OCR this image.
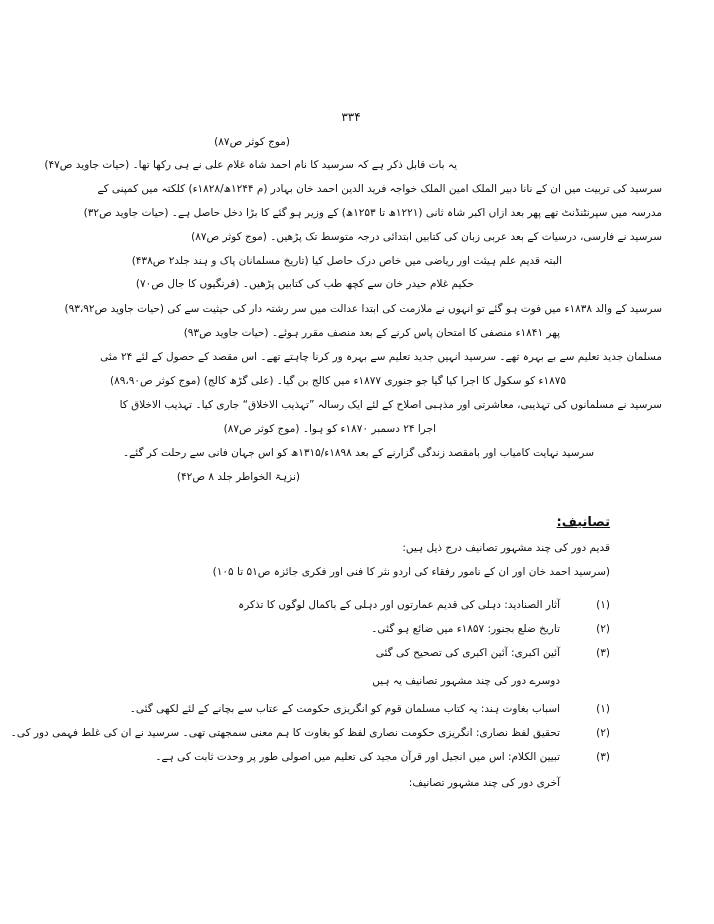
۳۳۴
(موج کوثر ص۸۷)
یہ بات قابل ذکر ہے کہ سرسید کا نام احمد شاہ غلام علی نے ہی رکھا تھا۔ (حیات جاوید ص۴۷)
سرسید کی تربیت میں ان کے نانا دبیر الملک امین الملک خواجہ فرید الدین احمد خان بہادر (م ۱۲۴۴ھ/۱۸۲۸ء) کلکتہ میں کمپنی کے
مدرسہ میں سپرنٹنڈنٹ تھے پھر بعد ازاں اکبر شاہ ثانی (۱۲۲۱ھ تا ۱۲۵۳ھ) کے وزیر ہو گئے کا بڑا دخل حاصل ہے۔ (حیات جاوید ص۳۲)
سرسید نے فارسی، درسیات کے بعد عربی زبان کی کتابیں ابتدائی درجہ متوسط تک پڑھیں۔ (موج کوثر ص۸۷)
البتہ قدیم علم ہیئت اور ریاضی میں خاص درک حاصل کیا (تاریخ مسلمانان پاک و ہند جلد۲ ص۴۳۸)
حکیم غلام حیدر خان سے کچھ طب کی کتابیں پڑھیں۔ (فرنگیوں کا جال ص۷۰)
سرسید کے والد ۱۸۳۸ء میں فوت ہو گئے تو انہوں نے ملازمت کی ابتدا عدالت میں سر رشتہ دار کی حیثیت سے کی (حیات جاوید ص۹۳،۹۲)
پھر ۱۸۴۱ء منصفی کا امتحان پاس کرنے کے بعد منصف مقرر ہوئے۔ (حیات جاوید ص۹۳)
مسلمان جدید تعلیم سے بے بہرہ تھے۔ سرسید انہیں جدید تعلیم سے بہرہ ور کرنا چاہتے تھے۔ اس مقصد کے حصول کے لئے ۲۴ مئی
۱۸۷۵ء کو سکول کا اجرا کیا گیا جو جنوری ۱۸۷۷ء میں کالج بن گیا۔ (علی گڑھ کالج) (موج کوثر ص۸۹،۹۰)
سرسید نے مسلمانوں کی تہذیبی، معاشرتی اور مذہبی اصلاح کے لئے ایک رسالہ ”تہذیب الاخلاق“ جاری کیا۔ تہذیب الاخلاق کا
اجرا ۲۴ دسمبر ۱۸۷۰ء کو ہوا۔ (موج کوثر ص۸۷)
سرسید نہایت کامیاب اور بامقصد زندگی گزارنے کے بعد ۱۸۹۸ء/۱۳۱۵ھ کو اس جہان فانی سے رحلت کر گئے۔
(نزہۃ الخواطر جلد ۸ ص۴۲)
تصانیف:
قدیم دور کی چند مشہور تصانیف درج ذیل ہیں:
(سرسید احمد خان اور ان کے نامور رفقاء کی اردو نثر کا فنی اور فکری جائزہ ص۵۱ تا ۱۰۵)
(۱)
آثار الصنادید: دہلی کی قدیم عمارتوں اور دہلی کے باکمال لوگوں کا تذکرہ
(۲)
تاریخ ضلع بجنور: ۱۸۵۷ء میں ضائع ہو گئی۔
(۳)
آئین اکبری: آئین اکبری کی تصحیح کی گئی
دوسرے دور کی چند مشہور تصانیف یہ ہیں
(۱)
اسباب بغاوت ہند: یہ کتاب مسلمان قوم کو انگریزی حکومت کے عتاب سے بچانے کے لئے لکھی گئی۔
(۲)
تحقیق لفظ نصاری: انگریزی حکومت نصاری لفظ کو بغاوت کا ہم معنی سمجھتی تھی۔ سرسید نے ان کی غلط فہمی دور کی۔
(۳)
تبیین الکلام: اس میں انجیل اور قرآن مجید کی تعلیم میں اصولی طور پر وحدت ثابت کی ہے۔
آخری دور کی چند مشہور تصانیف:
